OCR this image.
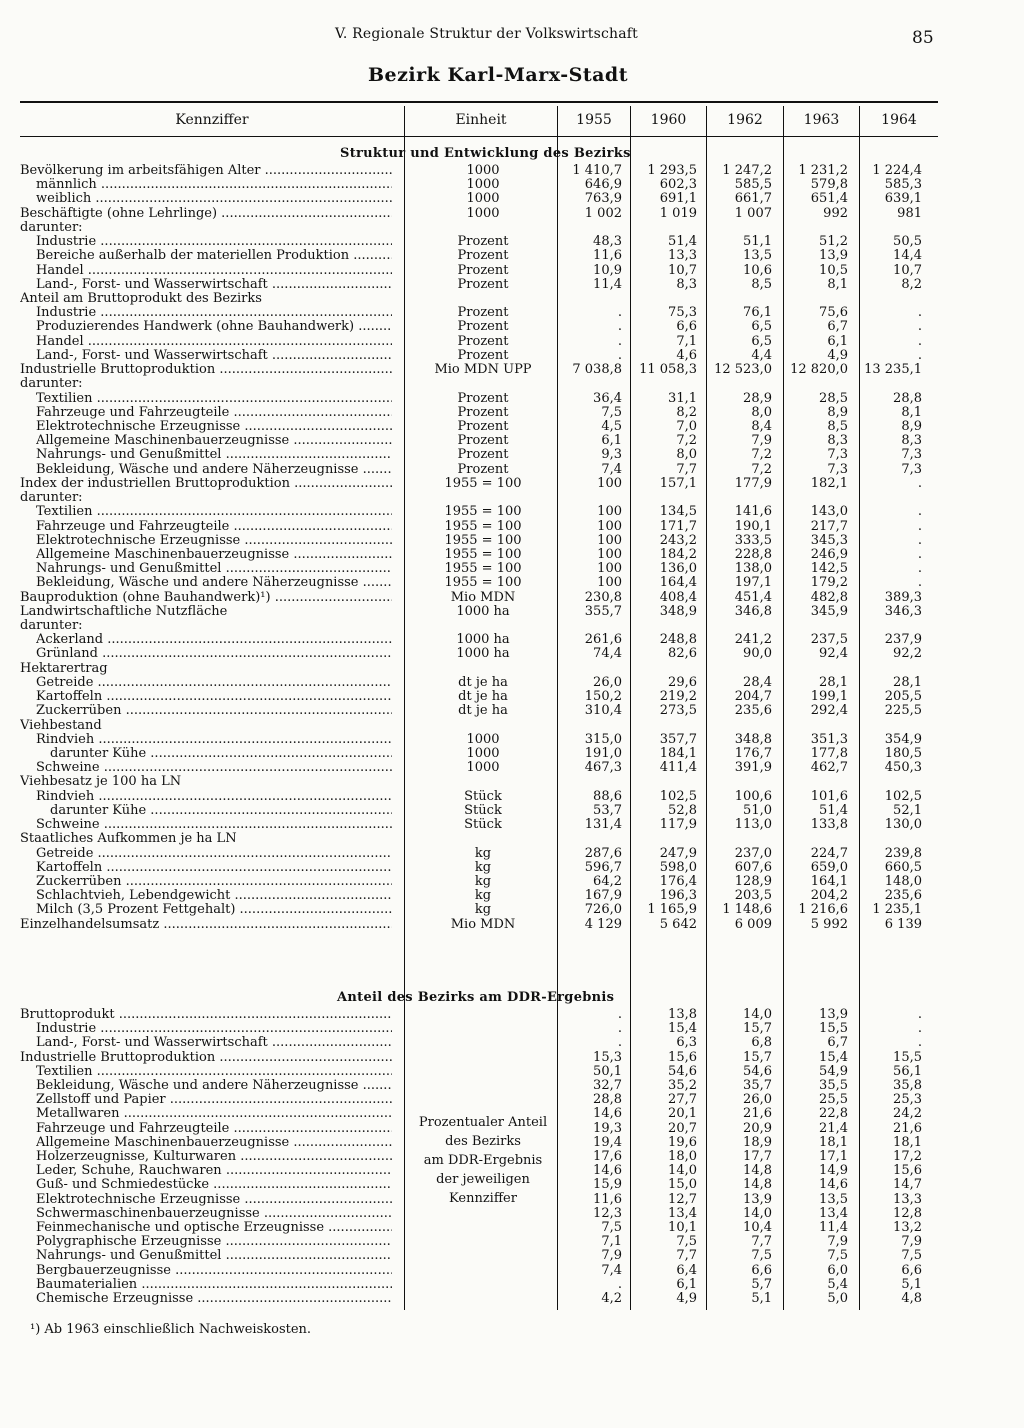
V. Regionale Struktur der Volkswirtschaft	85
Bezirk Karl-Marx-Stadt
Kennziffer	Einheit	1955	1960	1962	1963	1964
Struktur und Entwicklung des Bezirks
Bevölkerung im arbeitsfähigen Alter .....	1000	1 410,7	1 293,5	1 247,2	1 231,2	1 224,4
männlich .....	1000	646,9	602,3	585,5	579,8	585,3
weiblich .....	1000	763,9	691,1	661,7	651,4	639,1
Beschäftigte (ohne Lehrlinge) .....	1000	1 002	1 019	1 007	992	981
darunter:
Industrie .....	Prozent	48,3	51,4	51,1	51,2	50,5
Bereiche außerhalb der materiellen Produktion .....	Prozent	11,6	13,3	13,5	13,9	14,4
Handel .....	Prozent	10,9	10,7	10,6	10,5	10,7
Land-, Forst- und Wasserwirtschaft .....	Prozent	11,4	8,3	8,5	8,1	8,2
Anteil am Bruttoprodukt des Bezirks
Industrie .....	Prozent	.	75,3	76,1	75,6	.
Produzierendes Handwerk (ohne Bauhandwerk) .....	Prozent	.	6,6	6,5	6,7	.
Handel .....	Prozent	.	7,1	6,5	6,1	.
Land-, Forst- und Wasserwirtschaft .....	Prozent	.	4,6	4,4	4,9	.
Industrielle Bruttoproduktion .....	Mio MDN UPP	7 038,8	11 058,3	12 523,0	12 820,0	13 235,1
darunter:
Textilien .....	Prozent	36,4	31,1	28,9	28,5	28,8
Fahrzeuge und Fahrzeugteile .....	Prozent	7,5	8,2	8,0	8,9	8,1
Elektrotechnische Erzeugnisse .....	Prozent	4,5	7,0	8,4	8,5	8,9
Allgemeine Maschinenbauerzeugnisse .....	Prozent	6,1	7,2	7,9	8,3	8,3
Nahrungs- und Genußmittel .....	Prozent	9,3	8,0	7,2	7,3	7,3
Bekleidung, Wäsche und andere Näherzeugnisse .....	Prozent	7,4	7,7	7,2	7,3	7,3
Index der industriellen Bruttoproduktion .....	1955 = 100	100	157,1	177,9	182,1	.
darunter:
Textilien .....	1955 = 100	100	134,5	141,6	143,0	.
Fahrzeuge und Fahrzeugteile .....	1955 = 100	100	171,7	190,1	217,7	.
Elektrotechnische Erzeugnisse .....	1955 = 100	100	243,2	333,5	345,3	.
Allgemeine Maschinenbauerzeugnisse .....	1955 = 100	100	184,2	228,8	246,9	.
Nahrungs- und Genußmittel .....	1955 = 100	100	136,0	138,0	142,5	.
Bekleidung, Wäsche und andere Näherzeugnisse .....	1955 = 100	100	164,4	197,1	179,2	.
Bauproduktion (ohne Bauhandwerk)¹) .....	Mio MDN	230,8	408,4	451,4	482,8	389,3
Landwirtschaftliche Nutzfläche	1000 ha	355,7	348,9	346,8	345,9	346,3
darunter:
Ackerland .....	1000 ha	261,6	248,8	241,2	237,5	237,9
Grünland .....	1000 ha	74,4	82,6	90,0	92,4	92,2
Hektarertrag
Getreide .....	dt je ha	26,0	29,6	28,4	28,1	28,1
Kartoffeln .....	dt je ha	150,2	219,2	204,7	199,1	205,5
Zuckerrüben .....	dt je ha	310,4	273,5	235,6	292,4	225,5
Viehbestand
Rindvieh .....	1000	315,0	357,7	348,8	351,3	354,9
darunter Kühe .....	1000	191,0	184,1	176,7	177,8	180,5
Schweine .....	1000	467,3	411,4	391,9	462,7	450,3
Viehbesatz je 100 ha LN
Rindvieh .....	Stück	88,6	102,5	100,6	101,6	102,5
darunter Kühe .....	Stück	53,7	52,8	51,0	51,4	52,1
Schweine .....	Stück	131,4	117,9	113,0	133,8	130,0
Staatliches Aufkommen je ha LN
Getreide .....	kg	287,6	247,9	237,0	224,7	239,8
Kartoffeln .....	kg	596,7	598,0	607,6	659,0	660,5
Zuckerrüben .....	kg	64,2	176,4	128,9	164,1	148,0
Schlachtvieh, Lebendgewicht .....	kg	167,9	196,3	203,5	204,2	235,6
Milch (3,5 Prozent Fettgehalt) .....	kg	726,0	1 165,9	1 148,6	1 216,6	1 235,1
Einzelhandelsumsatz .....	Mio MDN	4 129	5 642	6 009	5 992	6 139
Anteil des Bezirks am DDR-Ergebnis
Bruttoprodukt .....	.	13,8	14,0	13,9	.
Industrie .....	.	15,4	15,7	15,5	.
Land-, Forst- und Wasserwirtschaft .....	.	6,3	6,8	6,7	.
Industrielle Bruttoproduktion .....	15,3	15,6	15,7	15,4	15,5
Textilien .....	50,1	54,6	54,6	54,9	56,1
Bekleidung, Wäsche und andere Näherzeugnisse .....	32,7	35,2	35,7	35,5	35,8
Zellstoff und Papier .....	28,8	27,7	26,0	25,5	25,3
Metallwaren .....	14,6	20,1	21,6	22,8	24,2
Fahrzeuge und Fahrzeugteile .....	19,3	20,7	20,9	21,4	21,6
Allgemeine Maschinenbauerzeugnisse .....	19,4	19,6	18,9	18,1	18,1
Holzerzeugnisse, Kulturwaren .....	17,6	18,0	17,7	17,1	17,2
Leder, Schuhe, Rauchwaren .....	14,6	14,0	14,8	14,9	15,6
Guß- und Schmiedestücke .....	15,9	15,0	14,8	14,6	14,7
Elektrotechnische Erzeugnisse .....	11,6	12,7	13,9	13,5	13,3
Schwermaschinenbauerzeugnisse .....	12,3	13,4	14,0	13,4	12,8
Feinmechanische und optische Erzeugnisse .....	7,5	10,1	10,4	11,4	13,2
Polygraphische Erzeugnisse .....	7,1	7,5	7,7	7,9	7,9
Nahrungs- und Genußmittel .....	7,9	7,7	7,5	7,5	7,5
Bergbauerzeugnisse .....	7,4	6,4	6,6	6,0	6,6
Baumaterialien .....	.	6,1	5,7	5,4	5,1
Chemische Erzeugnisse .....	4,2	4,9	5,1	5,0	4,8
Prozentualer Anteil
des Bezirks
am DDR-Ergebnis
der jeweiligen
Kennziffer
¹) Ab 1963 einschließlich Nachweiskosten.
